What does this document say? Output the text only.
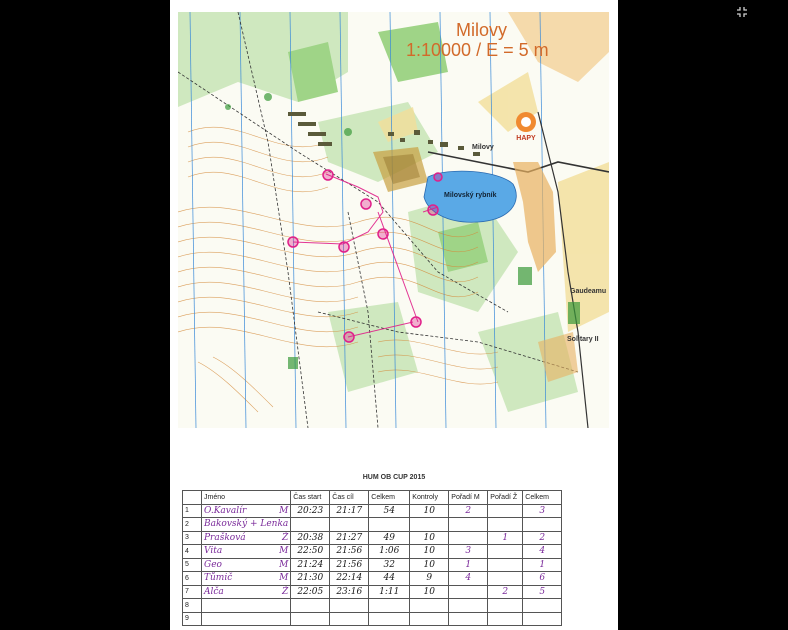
Milovy
1:10000 / E = 5 m
HAPY
Milovy
Milovský rybník
Gaudeamu
Solitary II
HUM OB CUP 2015
	Jméno	Čas start	Čas cíl	Celkem	Kontroly	Pořadí M	Pořadí Ž	Celkem
1	O.Kavalír M	20:23	21:17	54	10	2		3
2	Bakovský + Lenka

3	Prašková Ž	20:38	21:27	49	10		1	2
4	Vita M	22:50	21:56	1:06	10	3		4
5	Geo M	21:24	21:56	32	10	1		1
6	Tůmič M	21:30	22:14	44	9	4		6
7	Alča Ž	22:05	23:16	1:11	10		2	5
8	

9	
